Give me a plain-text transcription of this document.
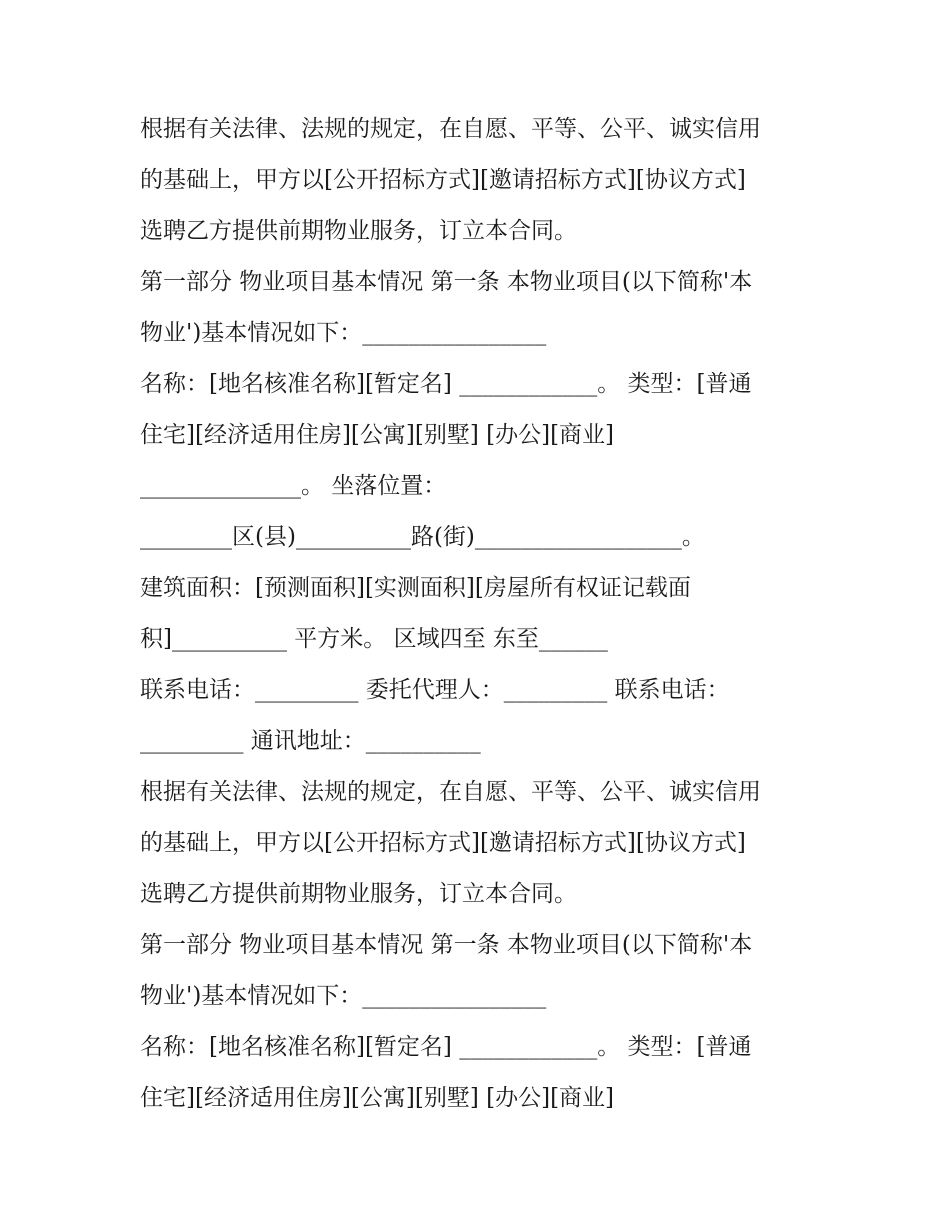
根据有关法律、法规的规定，在自愿、平等、公平、诚实信用
的基础上，甲方以[公开招标方式][邀请招标方式][协议方式]
选聘乙方提供前期物业服务，订立本合同。
第一部分 物业项目基本情况 第一条 本物业项目(以下简称'本
物业')基本情况如下：________________
名称：[地名核准名称][暂定名] ____________。 类型：[普通
住宅][经济适用住房][公寓][别墅] [办公][商业]
______________。 坐落位置：
________区(县)__________路(街)__________________。
建筑面积：[预测面积][实测面积][房屋所有权证记载面
积]__________ 平方米。 区域四至 东至______
联系电话：_________ 委托代理人：_________ 联系电话：
_________ 通讯地址：__________
根据有关法律、法规的规定，在自愿、平等、公平、诚实信用
的基础上，甲方以[公开招标方式][邀请招标方式][协议方式]
选聘乙方提供前期物业服务，订立本合同。
第一部分 物业项目基本情况 第一条 本物业项目(以下简称'本
物业')基本情况如下：________________
名称：[地名核准名称][暂定名] ____________。 类型：[普通
住宅][经济适用住房][公寓][别墅] [办公][商业]
